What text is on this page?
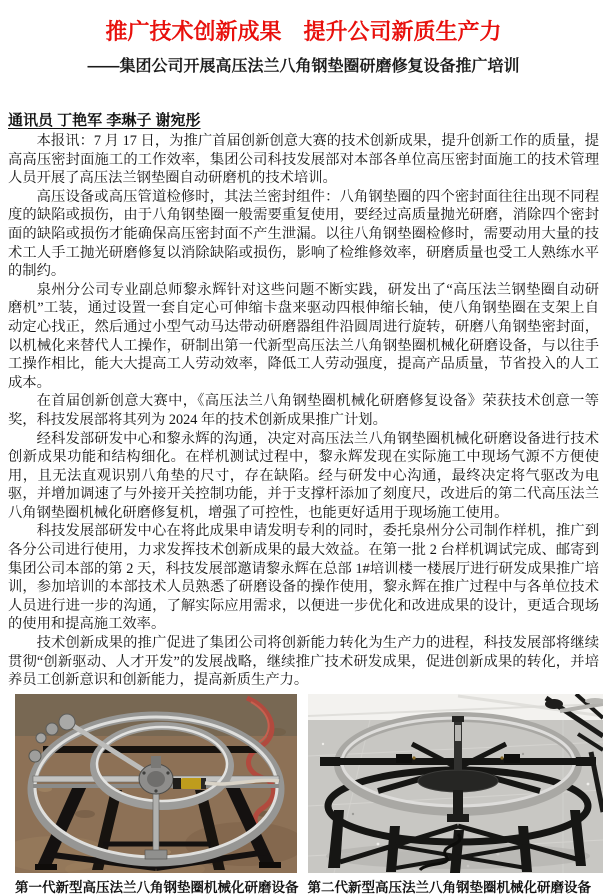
推广技术创新成果　提升公司新质生产力
——集团公司开展高压法兰八角钢垫圈研磨修复设备推广培训

通讯员 丁艳军 李琳子 谢宛彤

本报讯：7 月 17 日，为推广首届创新创意大赛的技术创新成果，提升创新工作的质量，提高高压密封面施工的工作效率，集团公司科技发展部对本部各单位高压密封面施工的技术管理人员开展了高压法兰钢垫圈自动研磨机的技术培训。

高压设备或高压管道检修时，其法兰密封组件：八角钢垫圈的四个密封面往往出现不同程度的缺陷或损伤，由于八角钢垫圈一般需要重复使用，要经过高质量抛光研磨，消除四个密封面的缺陷或损伤才能确保高压密封面不产生泄漏。以往八角钢垫圈检修时，需要动用大量的技术工人手工抛光研磨修复以消除缺陷或损伤，影响了检维修效率，研磨质量也受工人熟练水平的制约。

泉州分公司专业副总师黎永辉针对这些问题不断实践，研发出了“高压法兰钢垫圈自动研磨机”工装，通过设置一套自定心可伸缩卡盘来驱动四根伸缩长轴，使八角钢垫圈在支架上自动定心找正，然后通过小型气动马达带动研磨器组件沿圆周进行旋转，研磨八角钢垫密封面，以机械化来替代人工操作，研制出第一代新型高压法兰八角钢垫圈机械化研磨设备，与以往手工操作相比，能大大提高工人劳动效率，降低工人劳动强度，提高产品质量，节省投入的人工成本。

在首届创新创意大赛中，《高压法兰八角钢垫圈机械化研磨修复设备》荣获技术创意一等奖，科技发展部将其列为 2024 年的技术创新成果推广计划。

经科发部研发中心和黎永辉的沟通，决定对高压法兰八角钢垫圈机械化研磨设备进行技术创新成果功能和结构细化。在样机测试过程中，黎永辉发现在实际施工中现场气源不方便使用，且无法直观识别八角垫的尺寸，存在缺陷。经与研发中心沟通，最终决定将气驱改为电驱，并增加调速了与外接开关控制功能，并于支撑杆添加了刻度尺，改进后的第二代高压法兰八角钢垫圈机械化研磨修复机，增强了可控性，也能更好适用于现场施工使用。

科技发展部研发中心在将此成果申请发明专利的同时，委托泉州分公司制作样机，推广到各分公司进行使用，力求发挥技术创新成果的最大效益。在第一批 2 台样机调试完成、邮寄到集团公司本部的第 2 天，科技发展部邀请黎永辉在总部 1#培训楼一楼展厅进行研发成果推广培训，参加培训的本部技术人员熟悉了研磨设备的操作使用，黎永辉在推广过程中与各单位技术人员进行进一步的沟通，了解实际应用需求，以便进一步优化和改进成果的设计，更适合现场的使用和提高施工效率。

技术创新成果的推广促进了集团公司将创新能力转化为生产力的进程，科技发展部将继续贯彻“创新驱动、人才开发”的发展战略，继续推广技术研发成果，促进创新成果的转化，并培养员工创新意识和创新能力，提高新质生产力。

第一代新型高压法兰八角钢垫圈机械化研磨设备 第二代新型高压法兰八角钢垫圈机械化研磨设备
